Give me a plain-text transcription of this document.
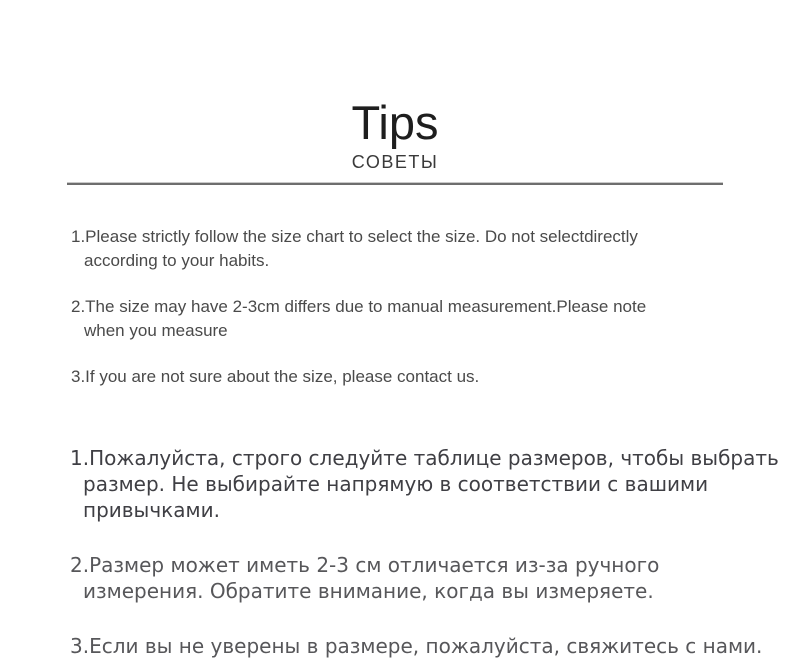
Tips
СОВЕТЫ
1.Please strictly follow the size chart to select the size. Do not selectdirectly
according to your habits.
2.The size may have 2-3cm differs due to manual measurement.Please note
when you measure
3.If you are not sure about the size, please contact us.
1.Пожалуйста, строго следуйте таблице размеров, чтобы выбрать
размер. Не выбирайте напрямую в соответствии с вашими
привычками.
2.Размер может иметь 2-3 см отличается из-за ручного
измерения. Обратите внимание, когда вы измеряете.
3.Если вы не уверены в размере, пожалуйста, свяжитесь с нами.
